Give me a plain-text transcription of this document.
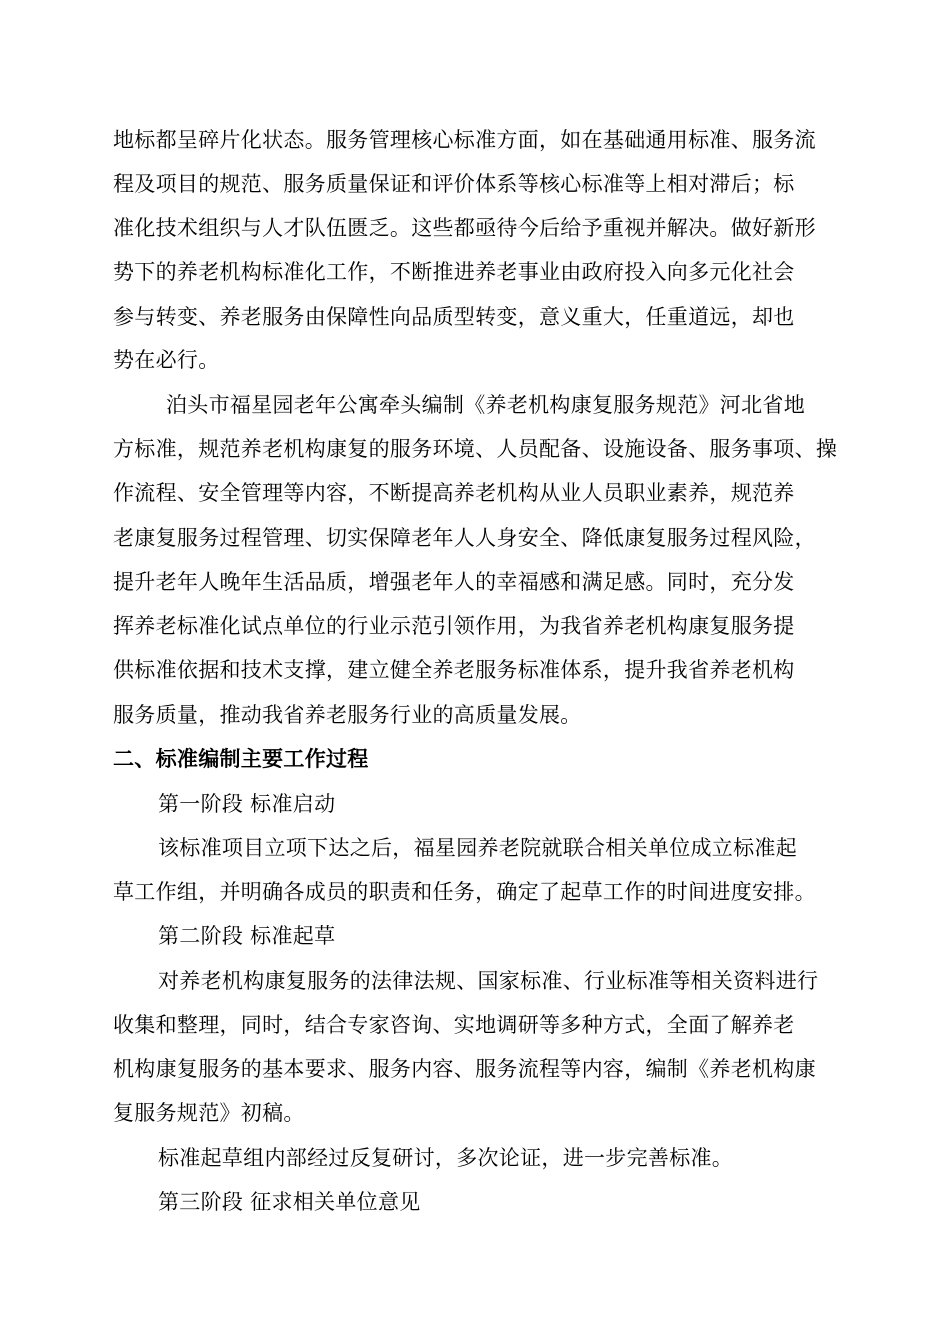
地标都呈碎片化状态。服务管理核心标准方面，如在基础通用标准、服务流
程及项目的规范、服务质量保证和评价体系等核心标准等上相对滞后；标
准化技术组织与人才队伍匮乏。这些都亟待今后给予重视并解决。做好新形
势下的养老机构标准化工作，不断推进养老事业由政府投入向多元化社会
参与转变、养老服务由保障性向品质型转变，意义重大，任重道远，却也
势在必行。
泊头市福星园老年公寓牵头编制《养老机构康复服务规范》河北省地
方标准，规范养老机构康复的服务环境、人员配备、设施设备、服务事项、操
作流程、安全管理等内容，不断提高养老机构从业人员职业素养，规范养
老康复服务过程管理、切实保障老年人人身安全、降低康复服务过程风险，
提升老年人晚年生活品质，增强老年人的幸福感和满足感。同时，充分发
挥养老标准化试点单位的行业示范引领作用，为我省养老机构康复服务提
供标准依据和技术支撑，建立健全养老服务标准体系，提升我省养老机构
服务质量，推动我省养老服务行业的高质量发展。
二、标准编制主要工作过程
第一阶段 标准启动
该标准项目立项下达之后，福星园养老院就联合相关单位成立标准起
草工作组，并明确各成员的职责和任务，确定了起草工作的时间进度安排。
第二阶段 标准起草
对养老机构康复服务的法律法规、国家标准、行业标准等相关资料进行
收集和整理，同时，结合专家咨询、实地调研等多种方式，全面了解养老
机构康复服务的基本要求、服务内容、服务流程等内容，编制《养老机构康
复服务规范》初稿。
标准起草组内部经过反复研讨，多次论证，进一步完善标准。
第三阶段 征求相关单位意见
